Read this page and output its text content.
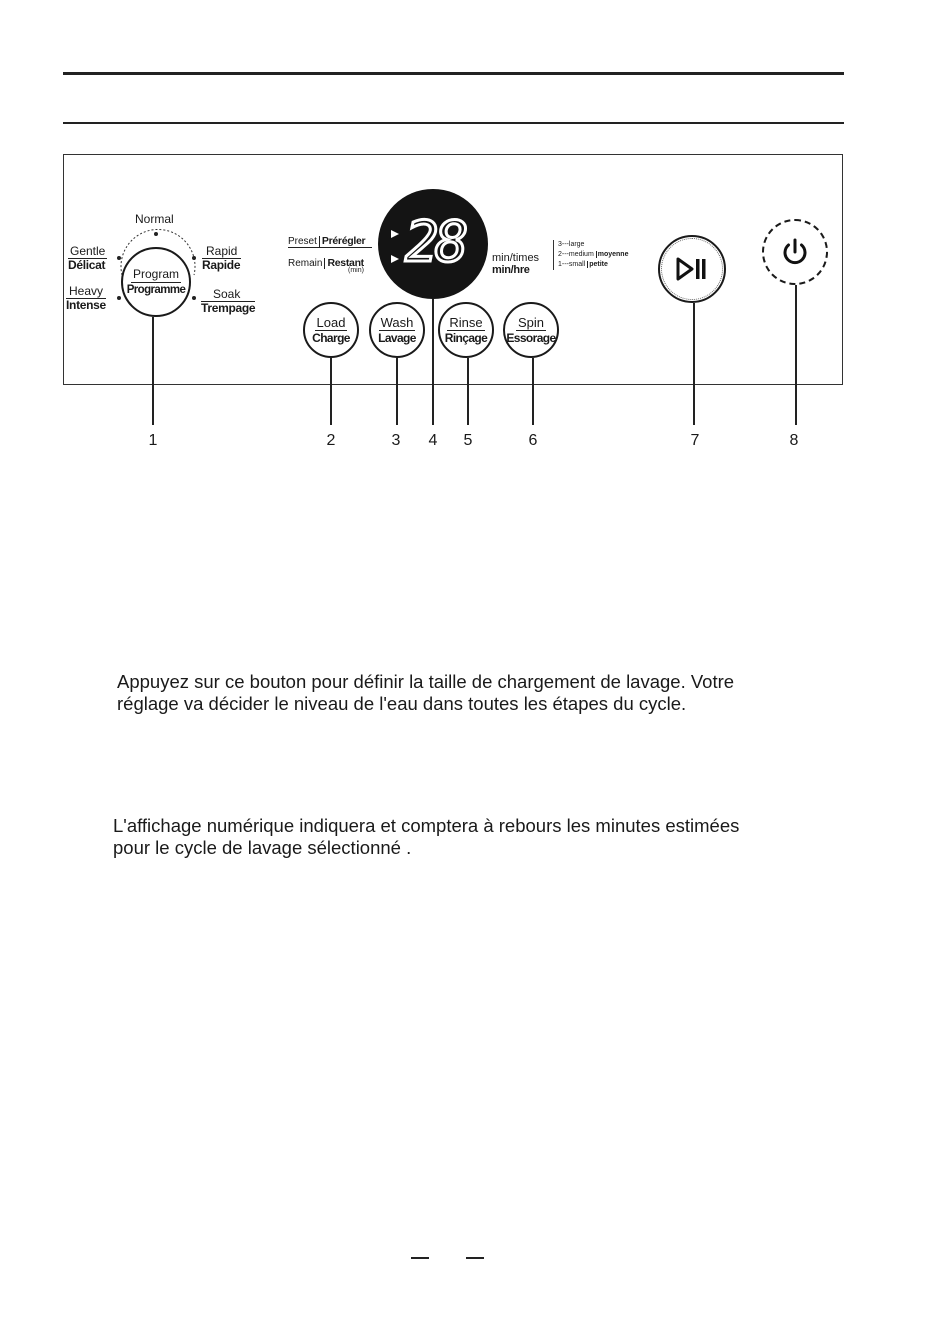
Normal
Gentle
Délicat
Heavy
Intense
Rapid
Rapide
Soak
Trempage
Program
Programme
Preset Prérégler
Remain Restant
(min) 28	min/times
min/hre
3---large
2---medium moyenne
1---small petite
Load
Charge
Wash
Lavage
Rinse
Rinçage
Spin
Essorage
1	2	3	4	5	6	7	8
Appuyez sur ce bouton pour définir la taille de chargement de lavage. Votre
réglage va décider le niveau de l'eau dans toutes les étapes du cycle.
L'affichage numérique indiquera et comptera à rebours les minutes estimées
pour le cycle de lavage sélectionné .
